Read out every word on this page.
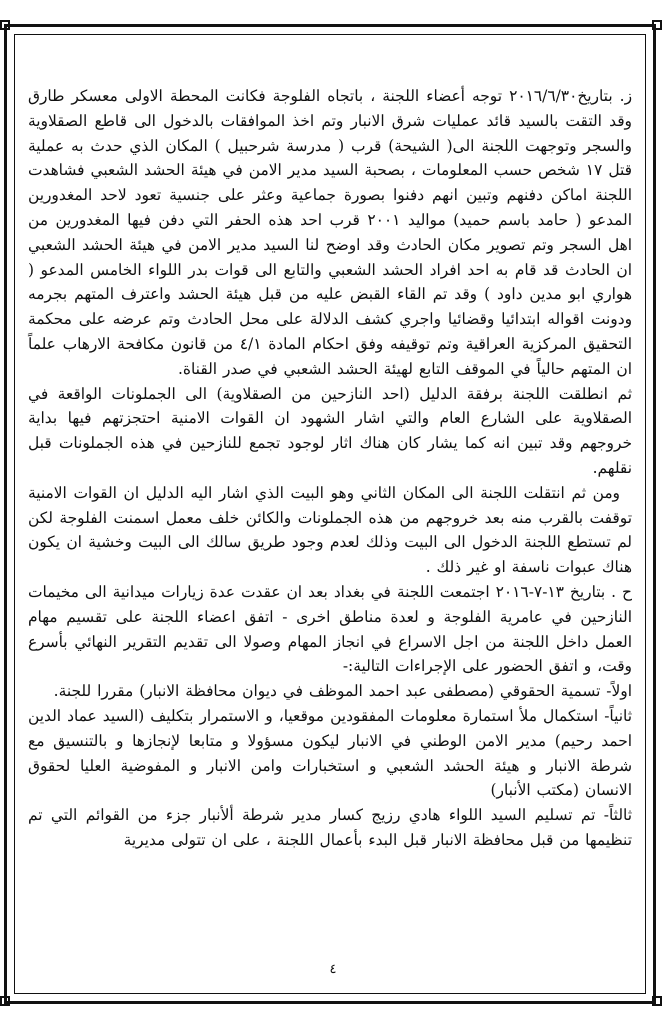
ز. بتاريخ٢٠١٦/٦/٣٠ توجه أعضاء اللجنة ، باتجاه الفلوجة فكانت المحطة الاولى معسكر طارق وقد التقت بالسيد قائد عمليات شرق الانبار وتم اخذ الموافقات بالدخول الى قاطع الصقلاوية والسجر وتوجهت اللجنة الى( الشيحة) قرب ( مدرسة شرحبيل ) المكان الذي حدث به عملية قتل ١٧ شخص حسب المعلومات ، بصحبة السيد مدير الامن في هيئة الحشد الشعبي فشاهدت اللجنة اماكن دفنهم وتبين انهم دفنوا بصورة جماعية وعثر على جنسية تعود لاحد المغدورين المدعو ( حامد باسم حميد) مواليد ٢٠٠١ قرب احد هذه الحفر التي دفن فيها المغدورين من اهل السجر وتم تصوير مكان الحادث وقد اوضح لنا السيد مدير الامن في هيئة الحشد الشعبي ان الحادث قد قام به احد افراد الحشد الشعبي والتابع الى قوات بدر اللواء الخامس المدعو ( هواري ابو مدين داود ) وقد تم القاء القبض عليه من قبل هيئة الحشد واعترف المتهم بجرمه ودونت اقواله ابتدائيا وقضائيا واجري كشف الدلالة على محل الحادث وتم عرضه على محكمة التحقيق المركزية العراقية وتم توقيفه وفق احكام المادة ٤/١ من قانون مكافحة الارهاب علماً ان المتهم حالياً في الموقف التابع لهيئة الحشد الشعبي في صدر القناة.

ثم انطلقت اللجنة برفقة الدليل (احد النازحين من الصقلاوية) الى الجملونات الواقعة في الصقلاوية على الشارع العام والتي اشار الشهود ان القوات الامنية احتجزتهم فيها بداية خروجهم وقد تبين انه كما يشار كان هناك اثار لوجود تجمع للنازحين في هذه الجملونات قبل نقلهم.

ومن ثم انتقلت اللجنة الى المكان الثاني وهو البيت الذي اشار اليه الدليل ان القوات الامنية توقفت بالقرب منه بعد خروجهم من هذه الجملونات والكائن خلف معمل اسمنت الفلوجة لكن لم تستطع اللجنة الدخول الى البيت وذلك لعدم وجود طريق سالك الى البيت وخشية ان يكون هناك عبوات ناسفة او غير ذلك .

ح . بتاريخ ١٣-٧-٢٠١٦ اجتمعت اللجنة في بغداد بعد ان عقدت عدة زيارات ميدانية الى مخيمات النازحين في عامرية الفلوجة و لعدة مناطق اخرى - اتفق اعضاء اللجنة على تقسيم مهام العمل داخل اللجنة من اجل الاسراع في انجاز المهام وصولا الى تقديم التقرير النهائي بأسرع وقت، و اتفق الحضور على الإجراءات التالية:-

اولاً- تسمية الحقوقي (مصطفى عبد احمد الموظف في ديوان محافظة الانبار) مقررا للجنة.

ثانياً- استكمال ملأ استمارة معلومات المفقودين موقعيا، و الاستمرار بتكليف (السيد عماد الدين احمد رحيم) مدير الامن الوطني في الانبار ليكون مسؤولا و متابعا لإنجازها و بالتنسيق مع شرطة الانبار و هيئة الحشد الشعبي و استخبارات وامن الانبار و المفوضية العليا لحقوق الانسان (مكتب الأنبار)

ثالثاً- تم تسليم السيد اللواء هادي رزيج كسار مدير شرطة ألأنبار جزء من القوائم التي تم تنظيمها من قبل محافظة الانبار قبل البدء بأعمال اللجنة ، على ان تتولى مديرية

٤
